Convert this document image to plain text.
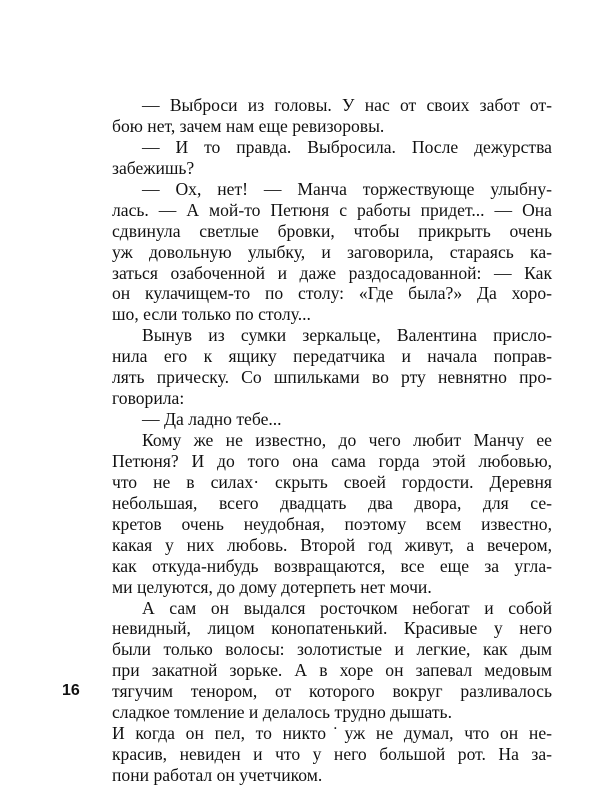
— Выброси из головы. У нас от своих забот от-
бою нет, зачем нам еще ревизоровы.
— И то правда. Выбросила. После дежурства
забежишь?
— Ох, нет! — Манча торжествующе улыбну-
лась. — А мой-то Петюня с работы придет... — Она
сдвинула светлые бровки, чтобы прикрыть очень
уж довольную улыбку, и заговорила, стараясь ка-
заться озабоченной и даже раздосадованной: — Как
он кулачищем-то по столу: «Где была?» Да хоро-
шо, если только по столу...
Вынув из сумки зеркальце, Валентина присло-
нила его к ящику передатчика и начала поправ-
лять прическу. Со шпильками во рту невнятно про-
говорила:
— Да ладно тебе...
Кому же не известно, до чего любит Манчу ее
Петюня? И до того она сама горда этой любовью,
что не в силах· скрыть своей гордости. Деревня
небольшая, всего двадцать два двора, для се-
кретов очень неудобная, поэтому всем известно,
какая у них любовь. Второй год живут, а вечером,
как откуда-нибудь возвращаются, все еще за угла-
ми целуются, до дому дотерпеть нет мочи.
А сам он выдался росточком небогат и собой
невидный, лицом конопатенький. Красивые у него
были только волосы: золотистые и легкие, как дым
при закатной зорьке. А в хоре он запевал медовым
тягучим тенором, от которого вокруг разливалось
сладкое томление и делалось трудно дышать.
И когда он пел, то никто˙уж не думал, что он не-
красив, невиден и что у него большой рот. На за-
пони работал он учетчиком.
16
